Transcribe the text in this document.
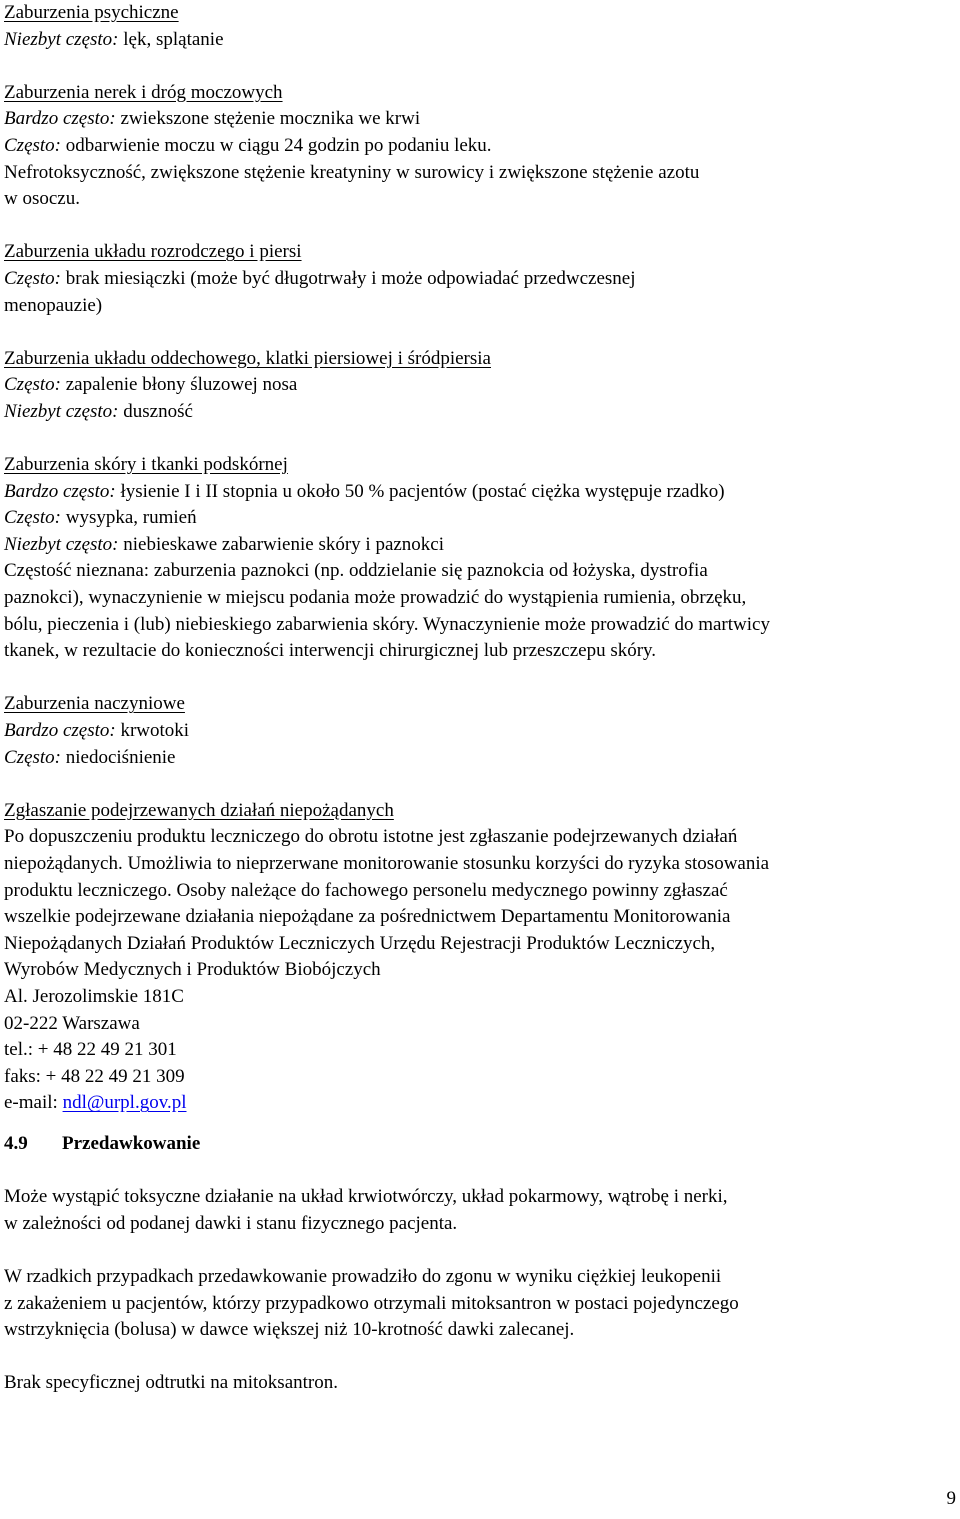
Zaburzenia psychiczne
Niezbyt często: lęk, splątanie
Zaburzenia nerek i dróg moczowych
Bardzo często: zwiekszone stężenie mocznika we krwi
Często: odbarwienie moczu w ciągu 24 godzin po podaniu leku.
Nefrotoksyczność, zwiększone stężenie kreatyniny w surowicy i zwiększone stężenie azotu
w osoczu.
Zaburzenia układu rozrodczego i piersi
Często: brak miesiączki (może być długotrwały i może odpowiadać przedwczesnej
menopauzie)
Zaburzenia układu oddechowego, klatki piersiowej i śródpiersia
Często: zapalenie błony śluzowej nosa
Niezbyt często: duszność
Zaburzenia skóry i tkanki podskórnej
Bardzo często: łysienie I i II stopnia u około 50 % pacjentów (postać ciężka występuje rzadko)
Często: wysypka, rumień
Niezbyt często: niebieskawe zabarwienie skóry i paznokci
Częstość nieznana: zaburzenia paznokci (np. oddzielanie się paznokcia od łożyska, dystrofia
paznokci), wynaczynienie w miejscu podania może prowadzić do wystąpienia rumienia, obrzęku,
bólu, pieczenia i (lub) niebieskiego zabarwienia skóry. Wynaczynienie może prowadzić do martwicy
tkanek, w rezultacie do konieczności interwencji chirurgicznej lub przeszczepu skóry.
Zaburzenia naczyniowe
Bardzo często: krwotoki
Często: niedociśnienie
Zgłaszanie podejrzewanych działań niepożądanych
Po dopuszczeniu produktu leczniczego do obrotu istotne jest zgłaszanie podejrzewanych działań
niepożądanych. Umożliwia to nieprzerwane monitorowanie stosunku korzyści do ryzyka stosowania
produktu leczniczego. Osoby należące do fachowego personelu medycznego powinny zgłaszać
wszelkie podejrzewane działania niepożądane za pośrednictwem Departamentu Monitorowania
Niepożądanych Działań Produktów Leczniczych Urzędu Rejestracji Produktów Leczniczych,
Wyrobów Medycznych i Produktów Biobójczych
Al. Jerozolimskie 181C
02-222 Warszawa
tel.: + 48 22 49 21 301
faks: + 48 22 49 21 309
e-mail: ndl@urpl.gov.pl
4.9 Przedawkowanie
Może wystąpić toksyczne działanie na układ krwiotwórczy, układ pokarmowy, wątrobę i nerki,
w zależności od podanej dawki i stanu fizycznego pacjenta.
W rzadkich przypadkach przedawkowanie prowadziło do zgonu w wyniku ciężkiej leukopenii
z zakażeniem u pacjentów, którzy przypadkowo otrzymali mitoksantron w postaci pojedynczego
wstrzyknięcia (bolusa) w dawce większej niż 10-krotność dawki zalecanej.
Brak specyficznej odtrutki na mitoksantron.
9
